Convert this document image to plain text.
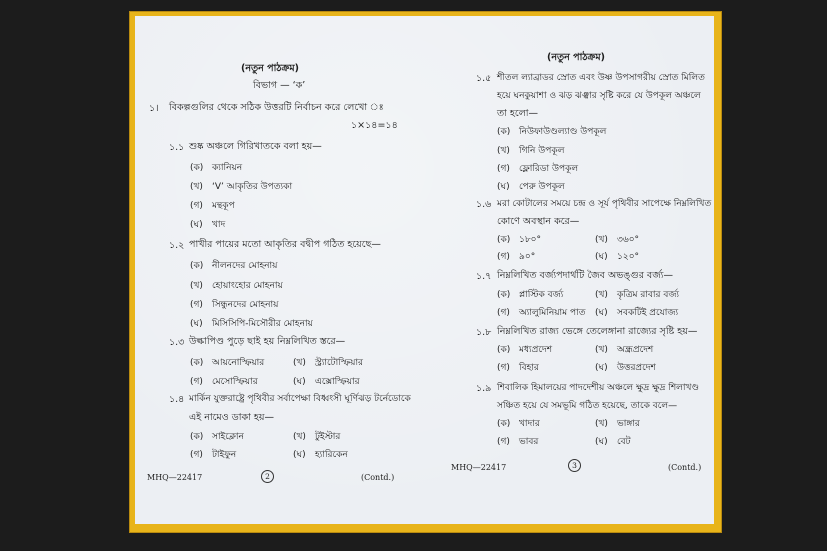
(নতুন পাঠক্রম)
বিভাগ — ‘ক’
১। বিকল্পগুলির থেকে সঠিক উত্তরটি নির্বাচন করে লেখো ঃ
১×১৪=১৪
১.১ শুষ্ক অঞ্চলে গিরিখাতকে বলা হয়—
(ক) ক্যানিয়ন
(খ) ‘V’ আকৃতির উপত্যকা
(গ) মন্থকূপ
(ঘ) খাদ
১.২ পাখীর পায়ের মতো আকৃতির বদ্বীপ গঠিত হয়েছে—
(ক) নীলনদের মোহনায়
(খ) হোয়াংহোর মোহনায়
(গ) সিন্ধুনদের মোহনায়
(ঘ) মিসিসিপি-মিসৌরীর মোহনায়
১.৩ উল্কাপিণ্ড পুড়ে ছাই হয় নিম্নলিখিত স্তরে—
(ক) আয়নোস্ফিয়ার	(খ) স্ট্র্যাটোস্ফিয়ার
(গ) মেসোস্ফিয়ার	(ঘ) এক্সোস্ফিয়ার
১.৪ মার্কিন যুক্তরাষ্ট্রে পৃথিবীর সর্বাপেক্ষা বিধ্বংসী ঘূর্ণিঝড় টর্নেডোকে
এই নামেও ডাকা হয়—
(ক) সাইক্লোন	(খ) টুইস্টার
(গ) টাইফুন	(ঘ) হ্যারিকেন
MHQ—22417	2	(Contd.)
(নতুন পাঠক্রম)
১.৫ শীতল ল্যাব্রাডর স্রোত এবং উষ্ণ উপসাগরীয় স্রোত মিলিত
হয়ে ঘনকুয়াশা ও ঝড় ঝঞ্ঝার সৃষ্টি করে যে উপকূল অঞ্চলে
তা হলো—
(ক) নিউফাউণ্ডল্যাণ্ড উপকূল
(খ) গিনি উপকূল
(গ) ফ্লোরিডা উপকূল
(ঘ) পেরু উপকূল
১.৬ মরা কোটালের সময়ে চন্দ্র ও সূর্য পৃথিবীর সাপেক্ষে নিম্নলিখিত
কোণে অবস্থান করে—
(ক) ১৮০°	(খ) ৩৬০°
(গ) ৯০°	(ঘ) ১২০°
১.৭ নিম্নলিখিত বর্জ্যপদার্থটি জৈব অভঙ্গুর বর্জ্য—
(ক) প্লাস্টিক বর্জ্য	(খ) কৃত্রিম রাবার বর্জ্য
(গ) অ্যালুমিনিয়াম পাত (ঘ) সবকটিই প্রযোজ্য
১.৮ নিম্নলিখিত রাজ্য ভেঙ্গে তেলেঙ্গানা রাজ্যের সৃষ্টি হয়—
(ক) মধ্যপ্রদেশ	(খ) অন্ধ্রপ্রদেশ
(গ) বিহার	(ঘ) উত্তরপ্রদেশ
১.৯ শিবালিক হিমালয়ের পাদদেশীয় অঞ্চলে ক্ষুদ্র ক্ষুদ্র শিলাখণ্ড
সঞ্চিত হয়ে যে সমভূমি গঠিত হয়েছে, তাকে বলে—
(ক) খাদার	(খ) ভাঙ্গার
(গ) ভাবর	(ঘ) বেট
MHQ—22417	3	(Contd.)
